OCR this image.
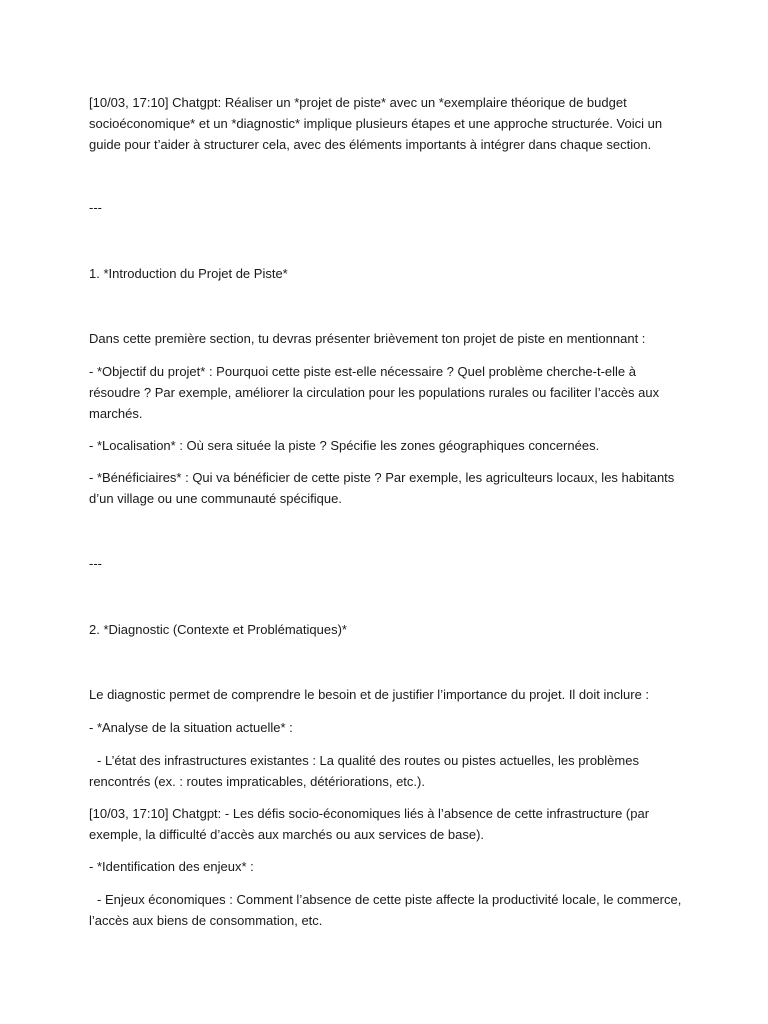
[10/03, 17:10] Chatgpt: Réaliser un *projet de piste* avec un *exemplaire théorique de budget
socioéconomique* et un *diagnostic* implique plusieurs étapes et une approche structurée. Voici un
guide pour t’aider à structurer cela, avec des éléments importants à intégrer dans chaque section.

---

1. *Introduction du Projet de Piste*

Dans cette première section, tu devras présenter brièvement ton projet de piste en mentionnant :

- *Objectif du projet* : Pourquoi cette piste est-elle nécessaire ? Quel problème cherche-t-elle à
résoudre ? Par exemple, améliorer la circulation pour les populations rurales ou faciliter l’accès aux
marchés.

- *Localisation* : Où sera située la piste ? Spécifie les zones géographiques concernées.

- *Bénéficiaires* : Qui va bénéficier de cette piste ? Par exemple, les agriculteurs locaux, les habitants
d’un village ou une communauté spécifique.

---

2. *Diagnostic (Contexte et Problématiques)*

Le diagnostic permet de comprendre le besoin et de justifier l’importance du projet. Il doit inclure :

- *Analyse de la situation actuelle* :

- L’état des infrastructures existantes : La qualité des routes ou pistes actuelles, les problèmes
rencontrés (ex. : routes impraticables, détériorations, etc.).

[10/03, 17:10] Chatgpt: - Les défis socio-économiques liés à l’absence de cette infrastructure (par
exemple, la difficulté d’accès aux marchés ou aux services de base).

- *Identification des enjeux* :

- Enjeux économiques : Comment l’absence de cette piste affecte la productivité locale, le commerce,
l’accès aux biens de consommation, etc.
